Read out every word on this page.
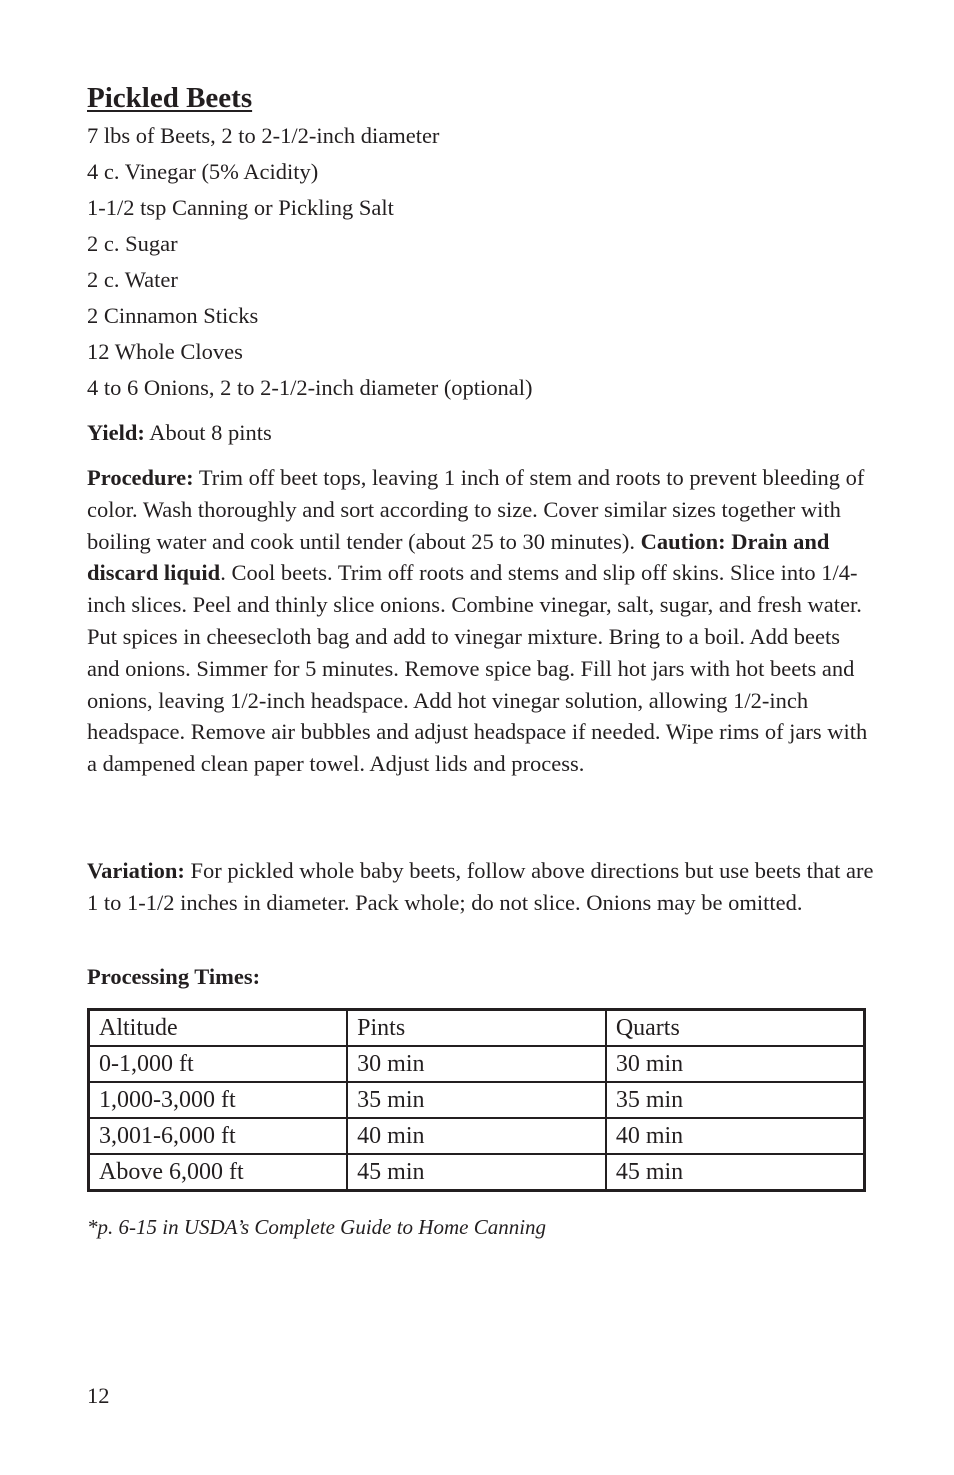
Pickled Beets
7 lbs of Beets, 2 to 2-1/2-inch diameter
4 c. Vinegar (5% Acidity)
1-1/2 tsp Canning or Pickling Salt
2 c. Sugar
2 c. Water
2 Cinnamon Sticks
12 Whole Cloves
4 to 6 Onions, 2 to 2-1/2-inch diameter (optional)

Yield: About 8 pints

Procedure: Trim off beet tops, leaving 1 inch of stem and roots to prevent bleeding of color. Wash thoroughly and sort according to size. Cover similar sizes together with boiling water and cook until tender (about 25 to 30 minutes). Caution: Drain and discard liquid. Cool beets. Trim off roots and stems and slip off skins. Slice into 1/4-inch slices. Peel and thinly slice onions. Combine vinegar, salt, sugar, and fresh water. Put spices in cheesecloth bag and add to vinegar mixture. Bring to a boil. Add beets and onions. Simmer for 5 minutes. Remove spice bag. Fill hot jars with hot beets and onions, leaving 1/2-inch headspace. Add hot vinegar solution, allowing 1/2-inch headspace. Remove air bubbles and adjust headspace if needed. Wipe rims of jars with a dampened clean paper towel. Adjust lids and process.

Variation: For pickled whole baby beets, follow above directions but use beets that are 1 to 1-1/2 inches in diameter. Pack whole; do not slice. Onions may be omitted.

Processing Times:

Altitude	Pints	Quarts
0-1,000 ft	30 min	30 min
1,000-3,000 ft	35 min	35 min
3,001-6,000 ft	40 min	40 min
Above 6,000 ft	45 min	45 min

*p. 6-15 in USDA’s Complete Guide to Home Canning

12
